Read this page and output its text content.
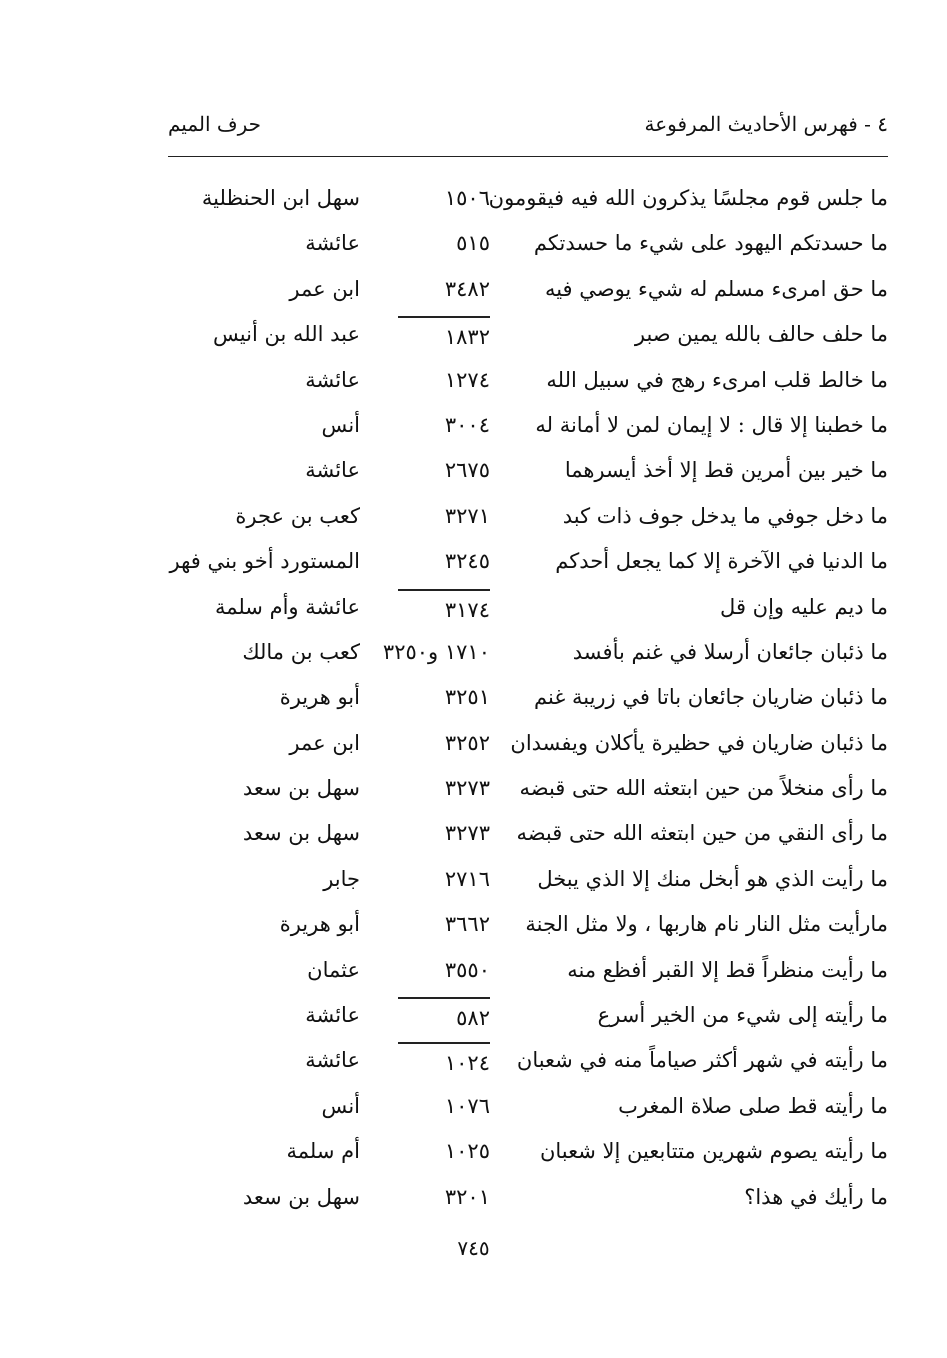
٤ - فهرس الأحاديث المرفوعة
حرف الميم
ما جلس قوم مجلسًا يذكرون الله فيه فيقومون
١٥٠٦
سهل ابن الحنظلية
ما حسدتكم اليهود على شيء ما حسدتكم
٥١٥
عائشة
ما حق امرىء مسلم له شيء يوصي فيه
٣٤٨٢
ابن عمر
ما حلف حالف بالله يمين صبر
١٨٣٢
عبد الله بن أنيس
ما خالط قلب امرىء رهج في سبيل الله
١٢٧٤
عائشة
ما خطبنا إلا قال : لا إيمان لمن لا أمانة له
٣٠٠٤
أنس
ما خير بين أمرين قط إلا أخذ أيسرهما
٢٦٧٥
عائشة
ما دخل جوفي ما يدخل جوف ذات كبد
٣٢٧١
كعب بن عجرة
ما الدنيا في الآخرة إلا كما يجعل أحدكم
٣٢٤٥
المستورد أخو بني فهر
ما ديم عليه وإن قل
٣١٧٤
عائشة وأم سلمة
ما ذئبان جائعان أرسلا في غنم بأفسد
١٧١٠ و٣٢٥٠
كعب بن مالك
ما ذئبان ضاريان جائعان باتا في زريبة غنم
٣٢٥١
أبو هريرة
ما ذئبان ضاريان في حظيرة يأكلان ويفسدان
٣٢٥٢
ابن عمر
ما رأى منخلاً من حين ابتعثه الله حتى قبضه
٣٢٧٣
سهل بن سعد
ما رأى النقي من حين ابتعثه الله حتى قبضه
٣٢٧٣
سهل بن سعد
ما رأيت الذي هو أبخل منك إلا الذي يبخل
٢٧١٦
جابر
مارأيت مثل النار نام هاربها ، ولا مثل الجنة
٣٦٦٢
أبو هريرة
ما رأيت منظراً قط إلا القبر أفظع منه
٣٥٥٠
عثمان
ما رأيته إلى شيء من الخير أسرع
٥٨٢
عائشة
ما رأيته في شهر أكثر صياماً منه في شعبان
١٠٢٤
عائشة
ما رأيته قط صلى صلاة المغرب
١٠٧٦
أنس
ما رأيته يصوم شهرين متتابعين إلا شعبان
١٠٢٥
أم سلمة
ما رأيك في هذا؟
٣٢٠١
سهل بن سعد
٧٤٥
